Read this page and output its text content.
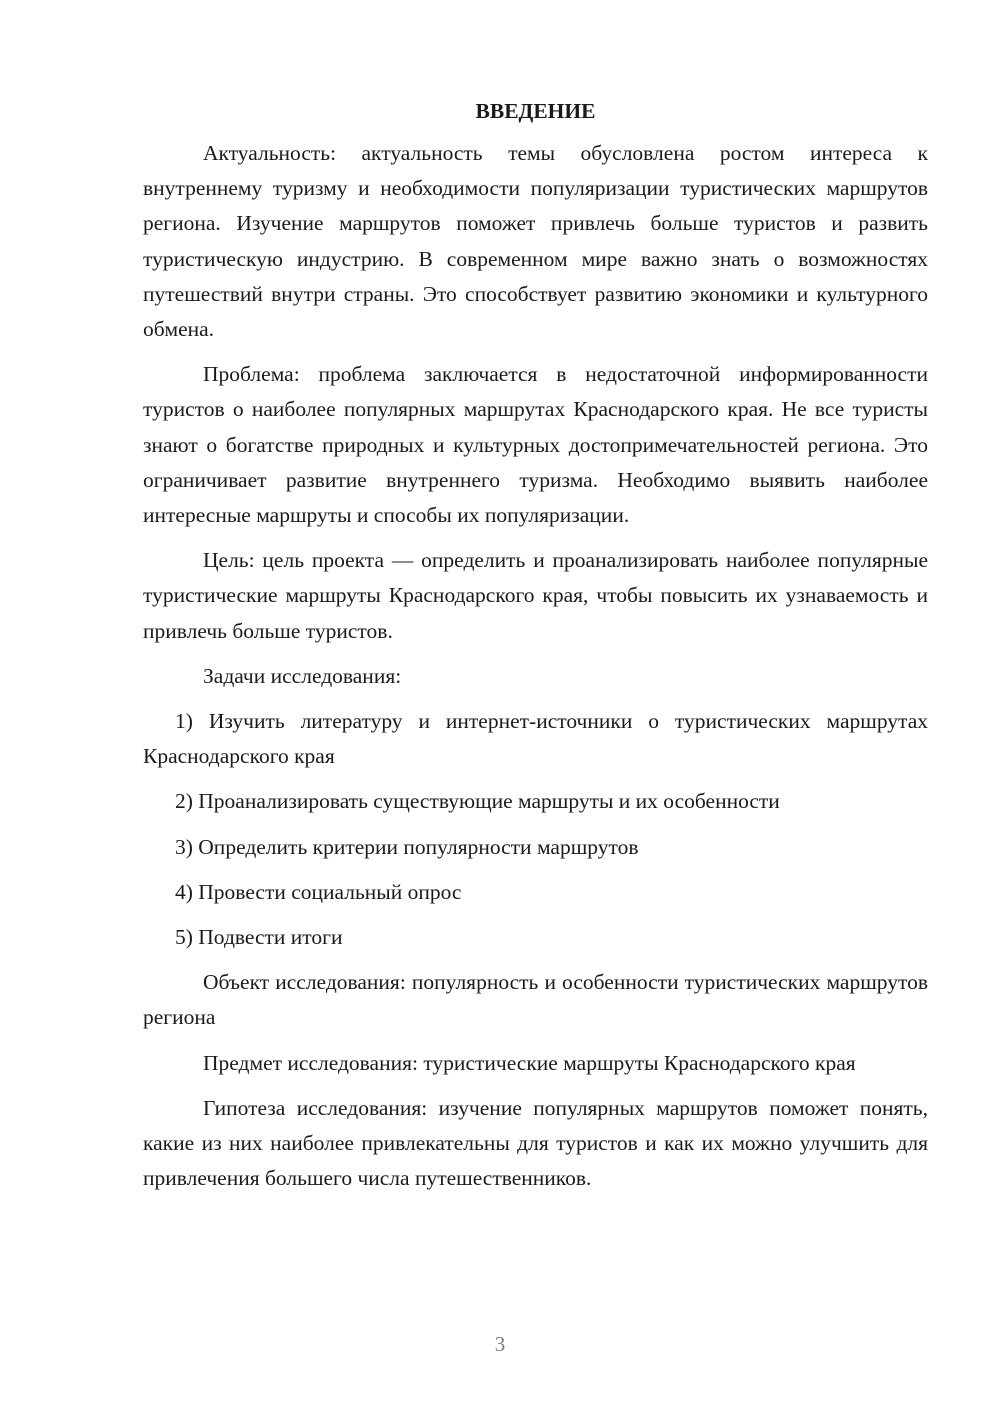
ВВЕДЕНИЕ

Актуальность: актуальность темы обусловлена ростом интереса к внутреннему туризму и необходимости популяризации туристических маршрутов региона. Изучение маршрутов поможет привлечь больше туристов и развить туристическую индустрию. В современном мире важно знать о возможностях путешествий внутри страны. Это способствует развитию экономики и культурного обмена.

Проблема: проблема заключается в недостаточной информированности туристов о наиболее популярных маршрутах Краснодарского края. Не все туристы знают о богатстве природных и культурных достопримечательностей региона. Это ограничивает развитие внутреннего туризма. Необходимо выявить наиболее интересные маршруты и способы их популяризации.

Цель: цель проекта — определить и проанализировать наиболее популярные туристические маршруты Краснодарского края, чтобы повысить их узнаваемость и привлечь больше туристов.

Задачи исследования:

1) Изучить литературу и интернет-источники о туристических маршрутах Краснодарского края

2) Проанализировать существующие маршруты и их особенности

3) Определить критерии популярности маршрутов

4) Провести социальный опрос

5) Подвести итоги

Объект исследования: популярность и особенности туристических маршрутов региона

Предмет исследования: туристические маршруты Краснодарского края

Гипотеза исследования: изучение популярных маршрутов поможет понять, какие из них наиболее привлекательны для туристов и как их можно улучшить для привлечения большего числа путешественников.

3
